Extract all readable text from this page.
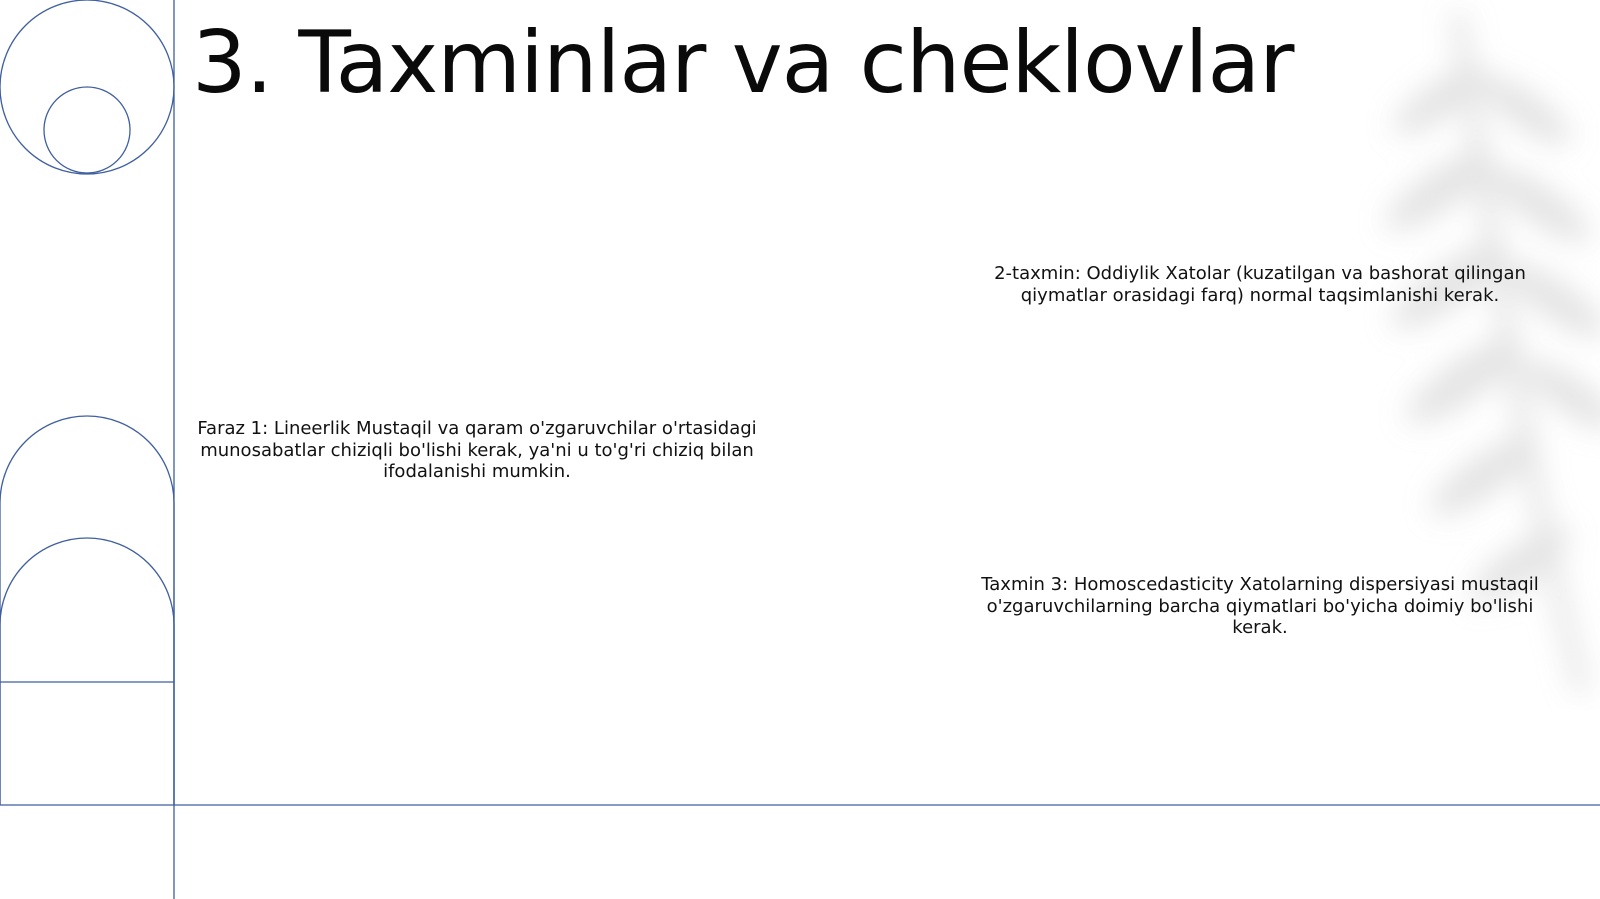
3. Taxminlar va cheklovlar

Faraz 1: Lineerlik Mustaqil va qaram o'zgaruvchilar o'rtasidagi munosabatlar chiziqli bo'lishi kerak, ya'ni u to'g'ri chiziq bilan ifodalanishi mumkin.

2-taxmin: Oddiylik Xatolar (kuzatilgan va bashorat qilingan qiymatlar orasidagi farq) normal taqsimlanishi kerak.

Taxmin 3: Homoscedasticity Xatolarning dispersiyasi mustaqil o'zgaruvchilarning barcha qiymatlari bo'yicha doimiy bo'lishi kerak.
